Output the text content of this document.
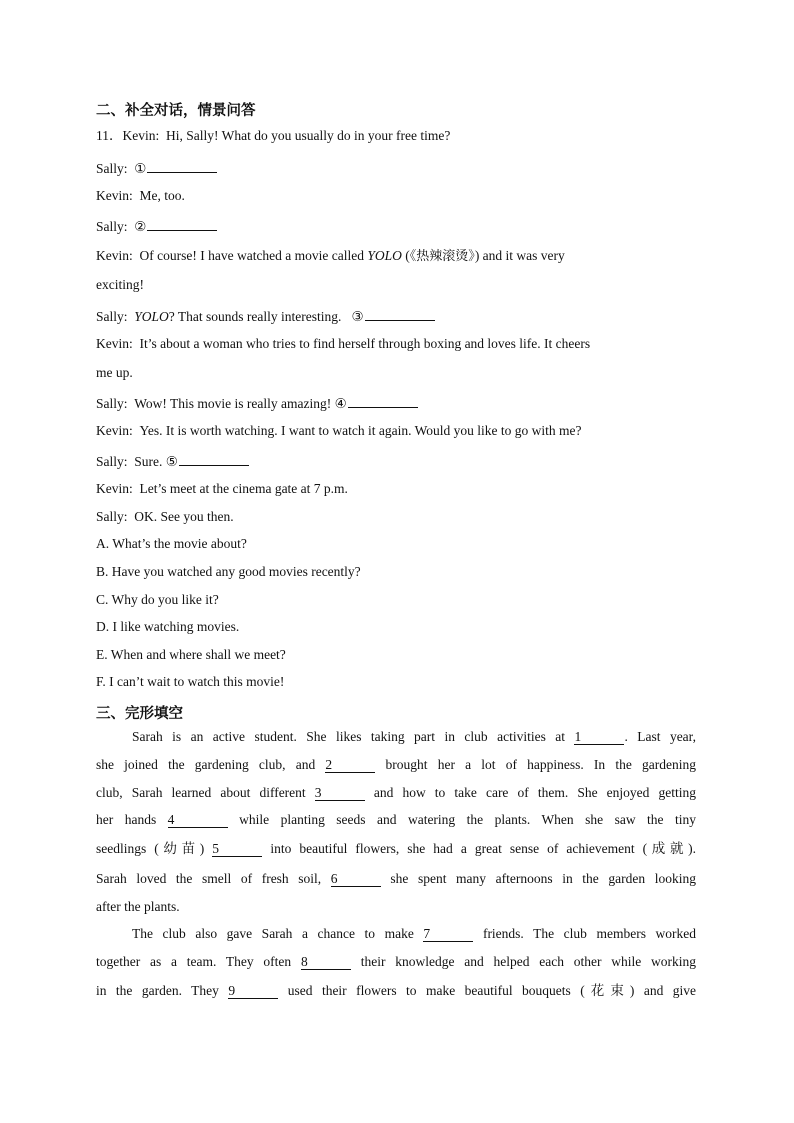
二、补全对话，情景问答
11．Kevin: Hi, Sally! What do you usually do in your free time?
Sally: ①
Kevin: Me, too.
Sally: ②
Kevin: Of course! I have watched a movie called YOLO (《热辣滚烫》) and it was very
exciting!
Sally: YOLO? That sounds really interesting.   ③
Kevin: It’s about a woman who tries to find herself through boxing and loves life. It cheers
me up.
Sally: Wow! This movie is really amazing! ④
Kevin: Yes. It is worth watching. I want to watch it again. Would you like to go with me?
Sally: Sure. ⑤
Kevin: Let’s meet at the cinema gate at 7 p.m.
Sally: OK. See you then.
A. What’s the movie about?
B. Have you watched any good movies recently?
C. Why do you like it?
D. I like watching movies.
E. When and where shall we meet?
F. I can’t wait to watch this movie!
三、完形填空
Sarah is an active student. She likes taking part in club activities at 1	. Last year,
she joined the gardening club, and 2	brought her a lot of happiness. In the gardening
club, Sarah learned about different 3	and how to take care of them. She enjoyed getting
her hands 4	while planting seeds and watering the plants. When she saw the tiny
seedlings (幼苗) 5	into beautiful flowers, she had a great sense of achievement (成就).
Sarah loved the smell of fresh soil, 6	she spent many afternoons in the garden looking
after the plants.
The club also gave Sarah a chance to make 7	friends. The club members worked
together as a team. They often 8	their knowledge and helped each other while working
in the garden. They 9	used their flowers to make beautiful bouquets (花束) and give
